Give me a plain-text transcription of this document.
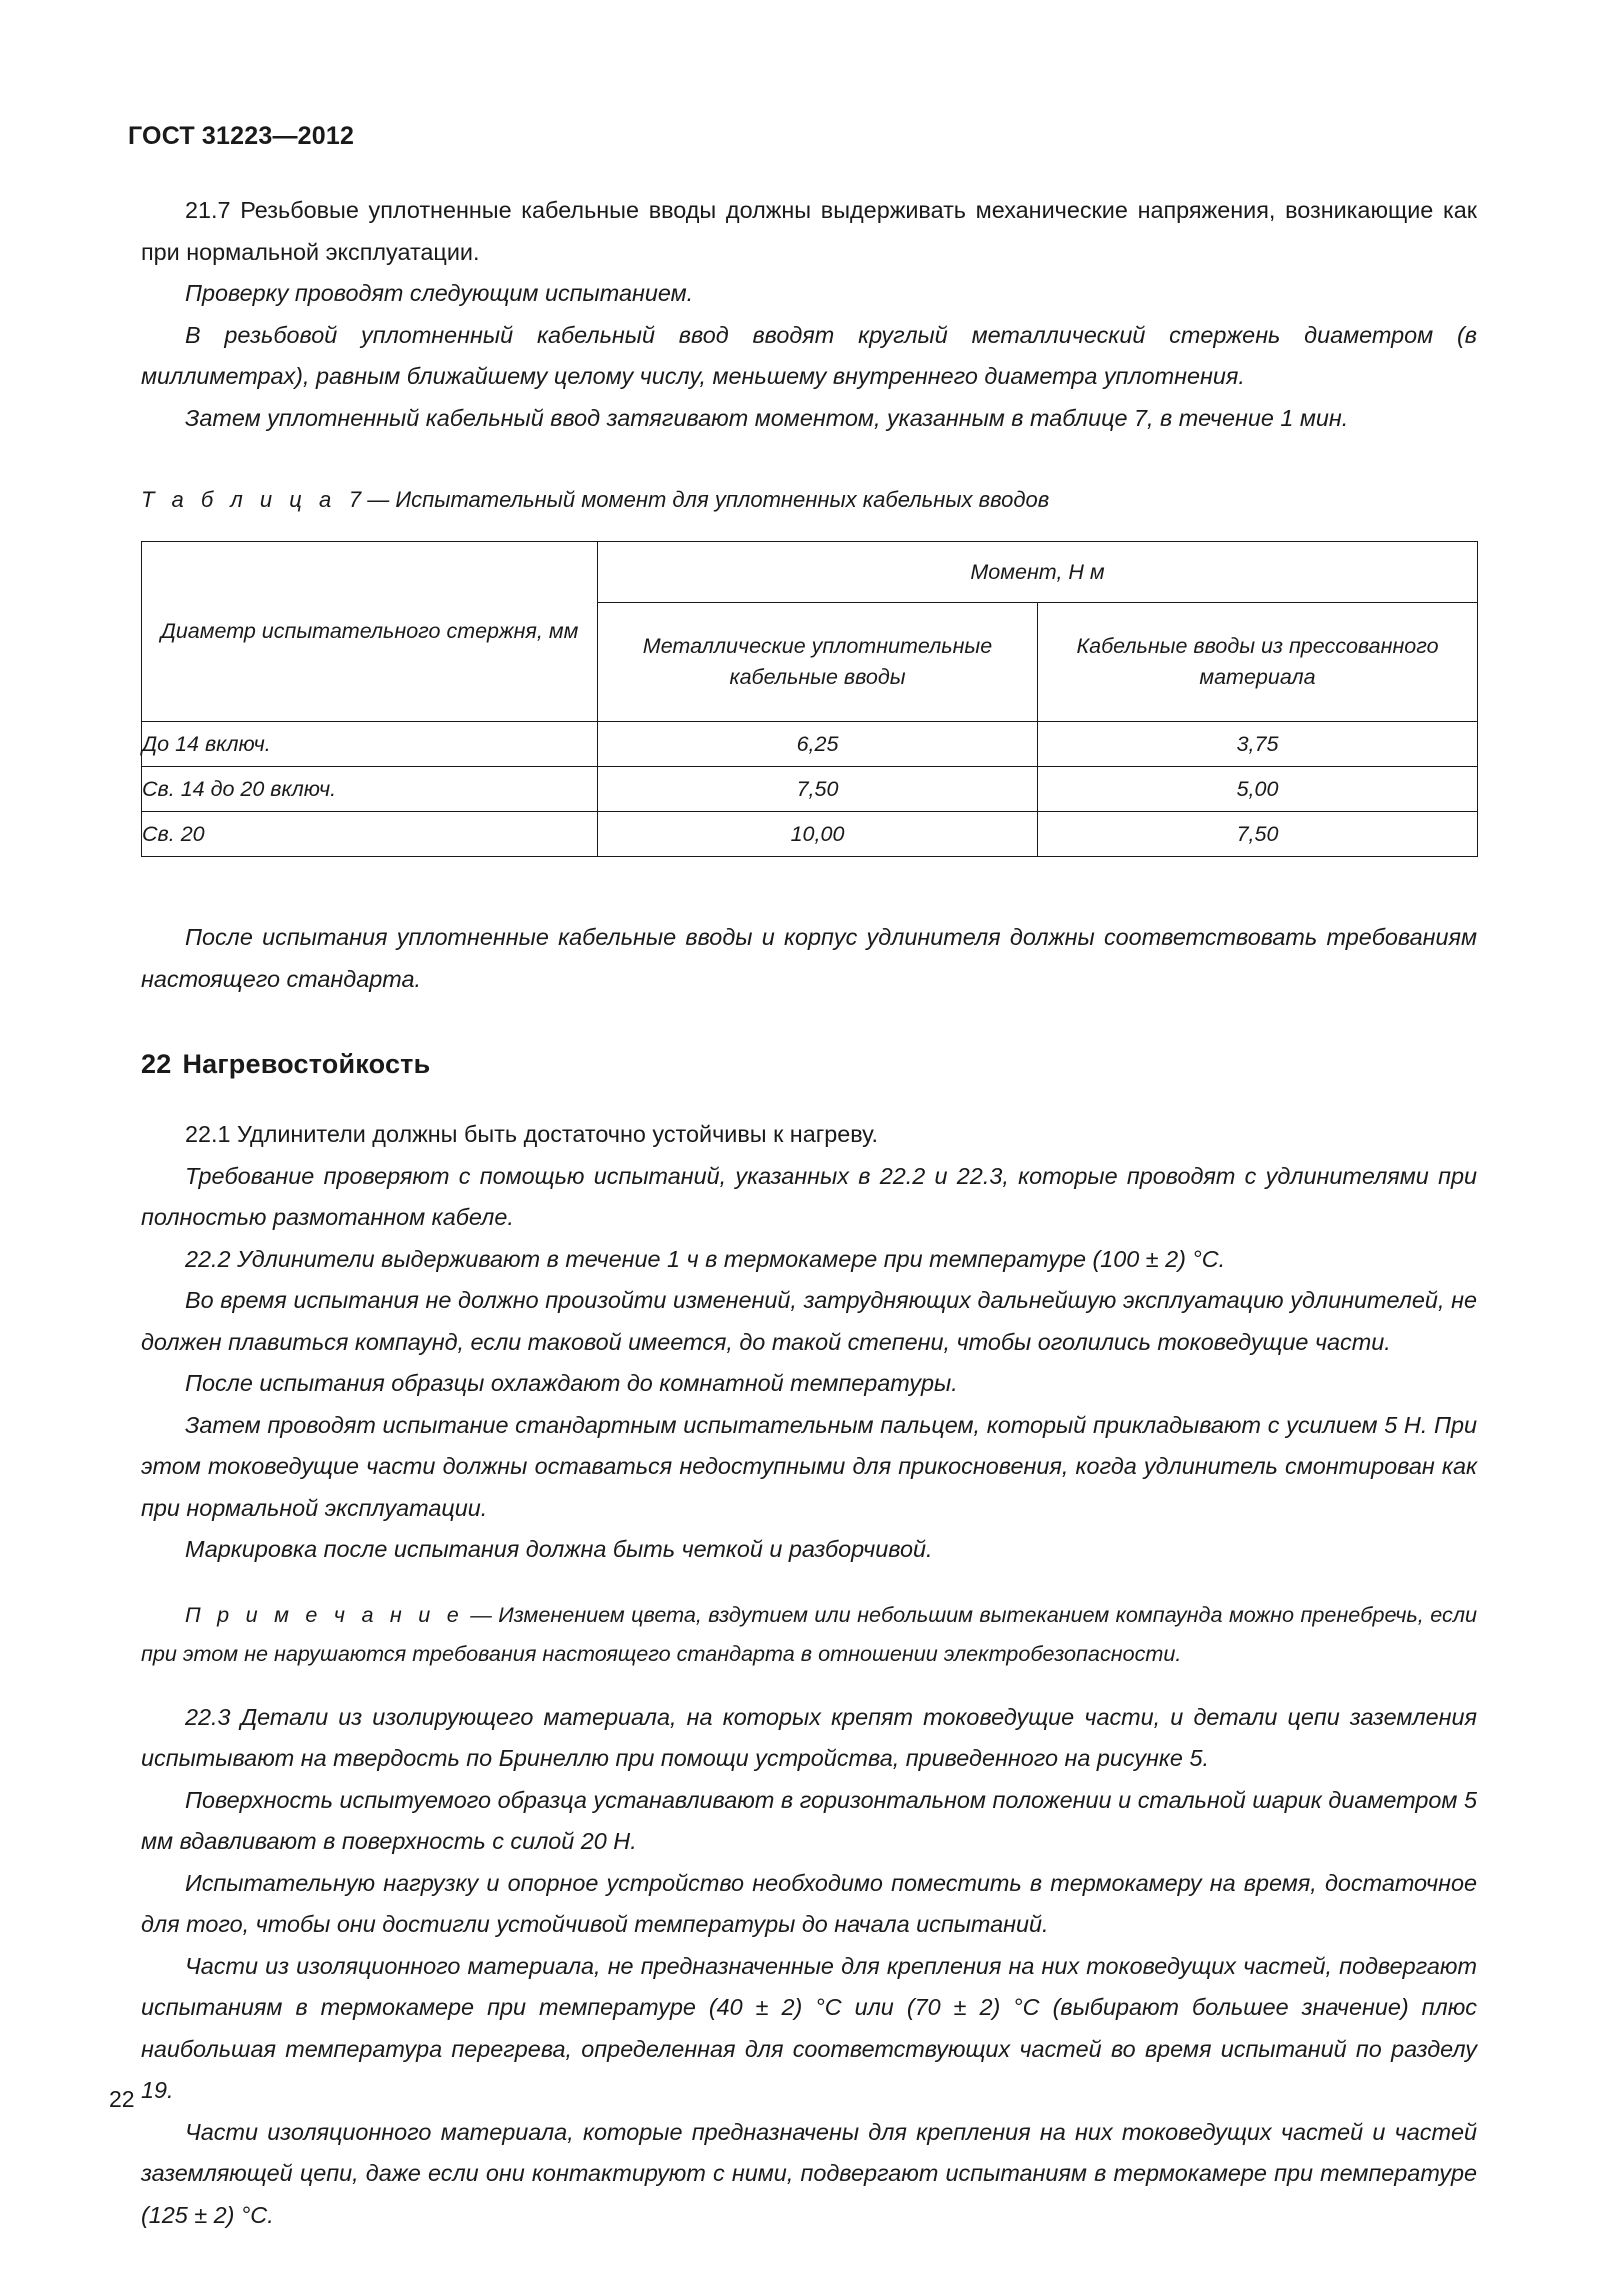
ГОСТ 31223—2012

21.7 Резьбовые уплотненные кабельные вводы должны выдерживать механические напряжения, возникающие как при нормальной эксплуатации.

Проверку проводят следующим испытанием.

В резьбовой уплотненный кабельный ввод вводят круглый металлический стержень диаметром (в миллиметрах), равным ближайшему целому числу, меньшему внутреннего диаметра уплотнения.

Затем уплотненный кабельный ввод затягивают моментом, указанным в таблице 7, в течение 1 мин.

Т а б л и ц а 7 — Испытательный момент для уплотненных кабельных вводов
Диаметр испытательного стержня, мм	Момент, Н м	
	Металлические уплотнительные кабельные вводы	Кабельные вводы из прессованного материала
До 14 включ.	6,25	3,75
Св. 14 до 20 включ.	7,50	5,00
Св. 20	10,00	7,50

После испытания уплотненные кабельные вводы и корпус удлинителя должны соответствовать требованиям настоящего стандарта.

22 Нагревостойкость

22.1 Удлинители должны быть достаточно устойчивы к нагреву.

Требование проверяют с помощью испытаний, указанных в 22.2 и 22.3, которые проводят с удлинителями при полностью размотанном кабеле.

22.2 Удлинители выдерживают в течение 1 ч в термокамере при температуре (100 ± 2) °С.

Во время испытания не должно произойти изменений, затрудняющих дальнейшую эксплуатацию удлинителей, не должен плавиться компаунд, если таковой имеется, до такой степени, чтобы оголились токоведущие части.

После испытания образцы охлаждают до комнатной температуры.

Затем проводят испытание стандартным испытательным пальцем, который прикладывают с усилием 5 Н. При этом токоведущие части должны оставаться недоступными для прикосновения, когда удлинитель смонтирован как при нормальной эксплуатации.

Маркировка после испытания должна быть четкой и разборчивой.

П р и м е ч а н и е — Изменением цвета, вздутием или небольшим вытеканием компаунда можно пренебречь, если при этом не нарушаются требования настоящего стандарта в отношении электробезопасности.

22.3 Детали из изолирующего материала, на которых крепят токоведущие части, и детали цепи заземления испытывают на твердость по Бринеллю при помощи устройства, приведенного на рисунке 5.

Поверхность испытуемого образца устанавливают в горизонтальном положении и стальной шарик диаметром 5 мм вдавливают в поверхность с силой 20 Н.

Испытательную нагрузку и опорное устройство необходимо поместить в термокамеру на время, достаточное для того, чтобы они достигли устойчивой температуры до начала испытаний.

Части из изоляционного материала, не предназначенные для крепления на них токоведущих частей, подвергают испытаниям в термокамере при температуре (40 ± 2) °С или (70 ± 2) °С (выбирают большее значение) плюс наибольшая температура перегрева, определенная для соответствующих частей во время испытаний по разделу 19.

Части изоляционного материала, которые предназначены для крепления на них токоведущих частей и частей заземляющей цепи, даже если они контактируют с ними, подвергают испытаниям в термокамере при температуре (125 ± 2) °С.

22
